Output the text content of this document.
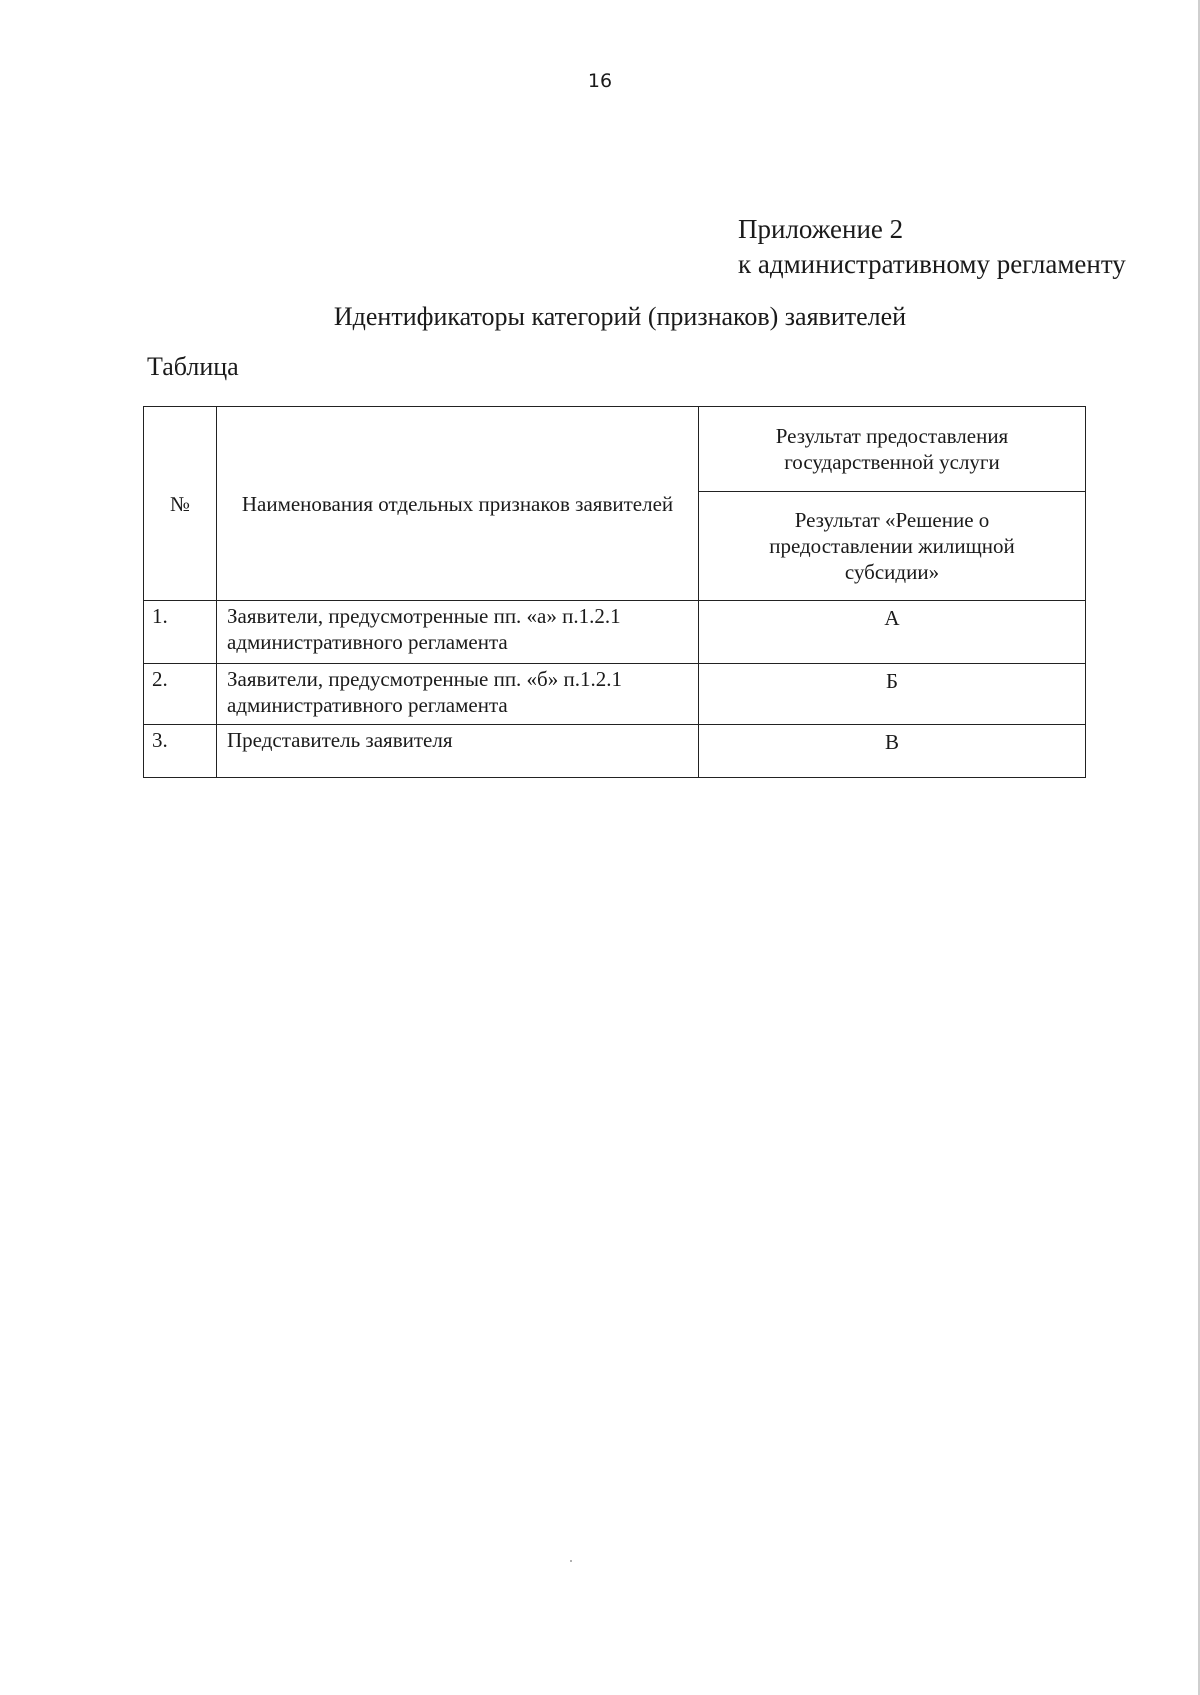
16
Приложение 2
к административному регламенту
Идентификаторы категорий (признаков) заявителей
Таблица
№	Наименования отдельных признаков заявителей	Результат предоставления государственной услуги
		Результат «Решение о предоставлении жилищной субсидии»
1.	Заявители, предусмотренные пп. «а» п.1.2.1 административного регламента	А
2.	Заявители, предусмотренные пп. «б» п.1.2.1 административного регламента	Б
3.	Представитель заявителя	В
